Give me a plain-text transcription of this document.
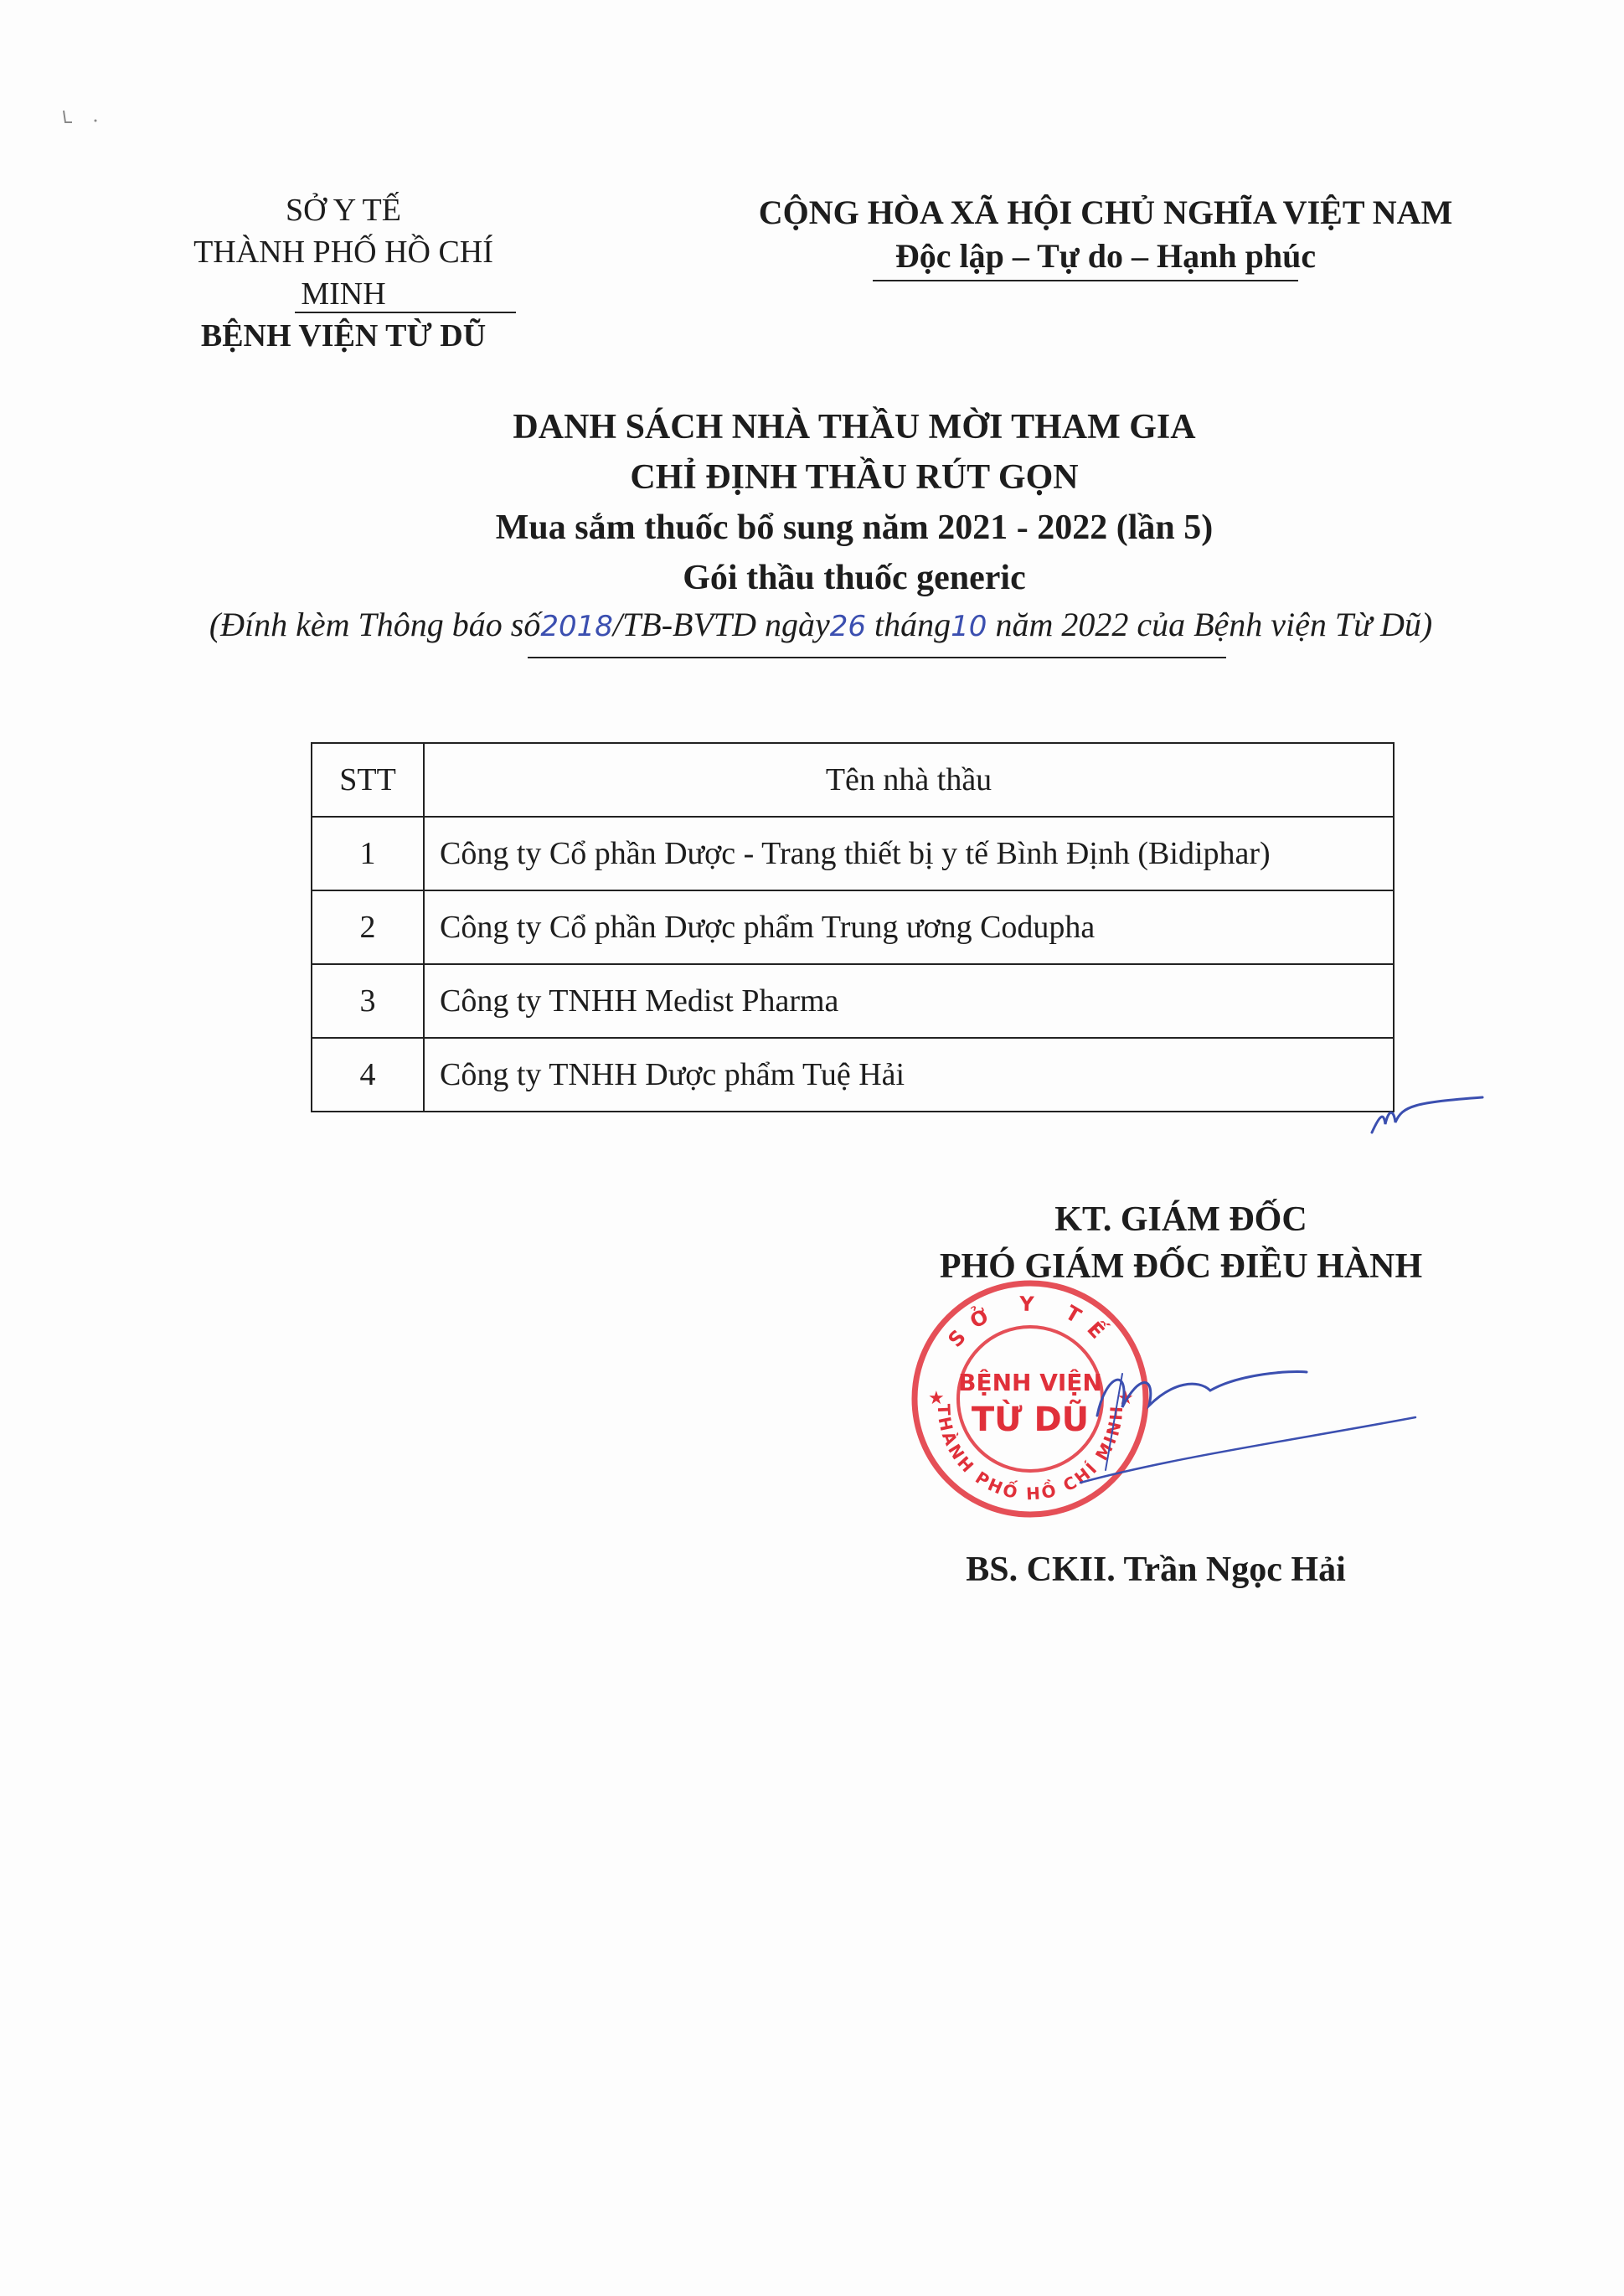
SỞ Y TẾ
THÀNH PHỐ HỒ CHÍ MINH
BỆNH VIỆN TỪ DŨ
CỘNG HÒA XÃ HỘI CHỦ NGHĨA VIỆT NAM
Độc lập – Tự do – Hạnh phúc
DANH SÁCH NHÀ THẦU MỜI THAM GIA
CHỈ ĐỊNH THẦU RÚT GỌN
Mua sắm thuốc bổ sung năm 2021 - 2022 (lần 5)
Gói thầu thuốc generic
(Đính kèm Thông báo số2018/TB-BVTD ngày26 tháng10 năm 2022 của Bệnh viện Từ Dũ)
STT	Tên nhà thầu
1	Công ty Cổ phần Dược - Trang thiết bị y tế Bình Định (Bidiphar)
2	Công ty Cổ phần Dược phẩm Trung ương Codupha
3	Công ty TNHH Medist Pharma
4	Công ty TNHH Dược phẩm Tuệ Hải
KT. GIÁM ĐỐC
PHÓ GIÁM ĐỐC ĐIỀU HÀNH
SỞ Y TẾ
THÀNH PHỐ HỒ CHÍ MINH
★	★
BỆNH VIỆN
TỪ DŨ
BS. CKII. Trần Ngọc Hải
